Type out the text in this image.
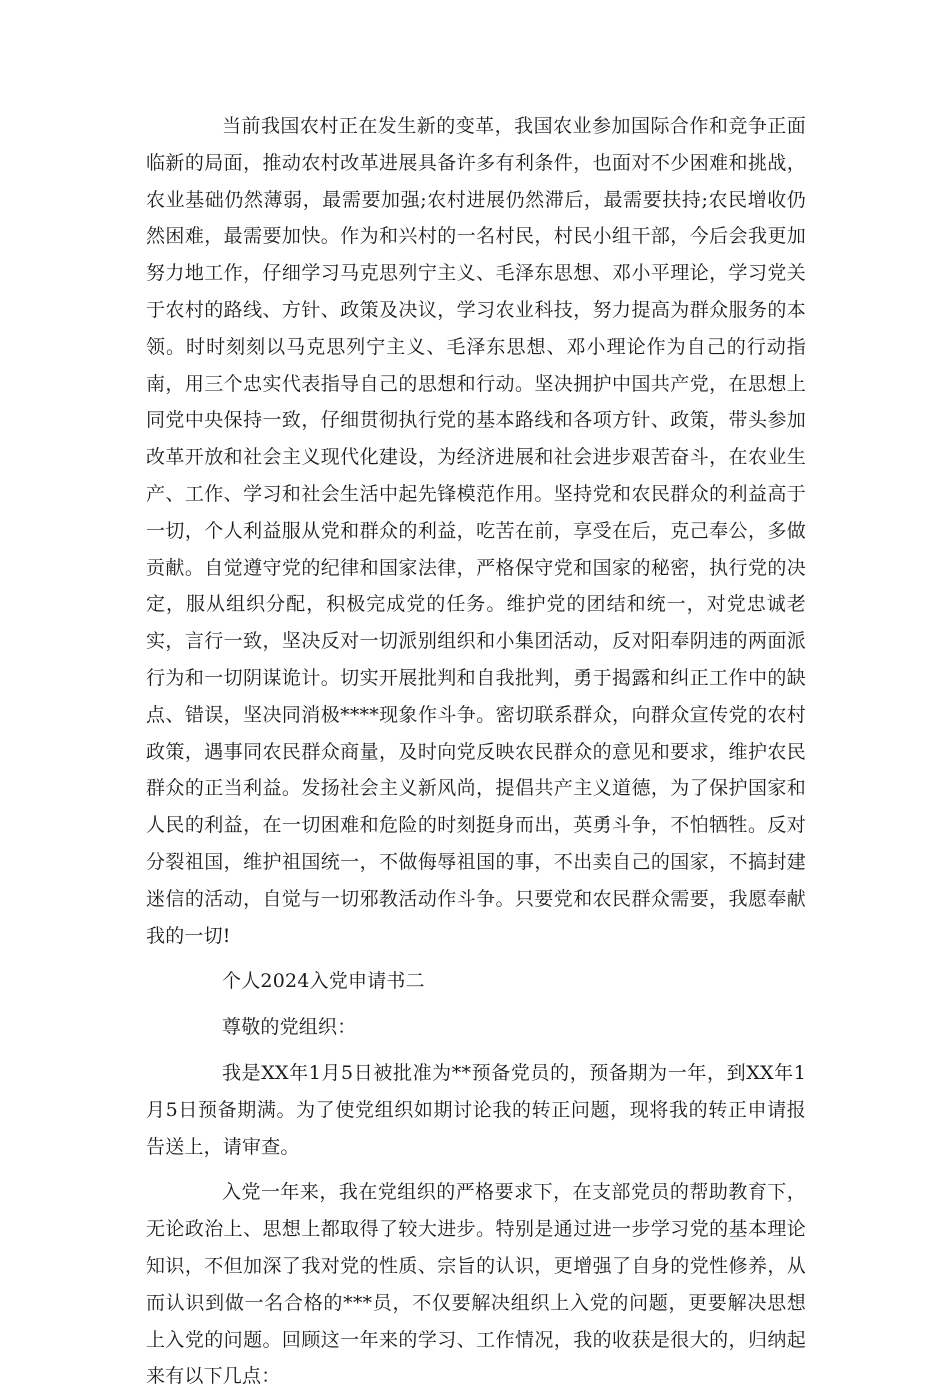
当前我国农村正在发生新的变革，我国农业参加国际合作和竞争正面临新的局面，推动农村改革进展具备许多有利条件，也面对不少困难和挑战，农业基础仍然薄弱，最需要加强;农村进展仍然滞后，最需要扶持;农民增收仍然困难，最需要加快。作为和兴村的一名村民，村民小组干部，今后会我更加努力地工作，仔细学习马克思列宁主义、毛泽东思想、邓小平理论，学习党关于农村的路线、方针、政策及决议，学习农业科技，努力提高为群众服务的本领。时时刻刻以马克思列宁主义、毛泽东思想、邓小理论作为自己的行动指南，用三个忠实代表指导自己的思想和行动。坚决拥护中国共产党，在思想上同党中央保持一致，仔细贯彻执行党的基本路线和各项方针、政策，带头参加改革开放和社会主义现代化建设，为经济进展和社会进步艰苦奋斗，在农业生产、工作、学习和社会生活中起先锋模范作用。坚持党和农民群众的利益高于一切，个人利益服从党和群众的利益，吃苦在前，享受在后，克己奉公，多做贡献。自觉遵守党的纪律和国家法律，严格保守党和国家的秘密，执行党的决定，服从组织分配，积极完成党的任务。维护党的团结和统一，对党忠诚老实，言行一致，坚决反对一切派别组织和小集团活动，反对阳奉阴违的两面派行为和一切阴谋诡计。切实开展批判和自我批判，勇于揭露和纠正工作中的缺点、错误，坚决同消极****现象作斗争。密切联系群众，向群众宣传党的农村政策，遇事同农民群众商量，及时向党反映农民群众的意见和要求，维护农民群众的正当利益。发扬社会主义新风尚，提倡共产主义道德，为了保护国家和人民的利益，在一切困难和危险的时刻挺身而出，英勇斗争，不怕牺牲。反对分裂祖国，维护祖国统一，不做侮辱祖国的事，不出卖自己的国家，不搞封建迷信的活动，自觉与一切邪教活动作斗争。只要党和农民群众需要，我愿奉献我的一切!

个人2024入党申请书二

尊敬的党组织：

我是XX年1月5日被批准为**预备党员的，预备期为一年，到XX年1月5日预备期满。为了使党组织如期讨论我的转正问题，现将我的转正申请报告送上，请审查。

入党一年来，我在党组织的严格要求下，在支部党员的帮助教育下，无论政治上、思想上都取得了较大进步。特别是通过进一步学习党的基本理论知识，不但加深了我对党的性质、宗旨的认识，更增强了自身的党性修养，从而认识到做一名合格的***员，不仅要解决组织上入党的问题，更要解决思想上入党的问题。回顾这一年来的学习、工作情况，我的收获是很大的，归纳起来有以下几点：
